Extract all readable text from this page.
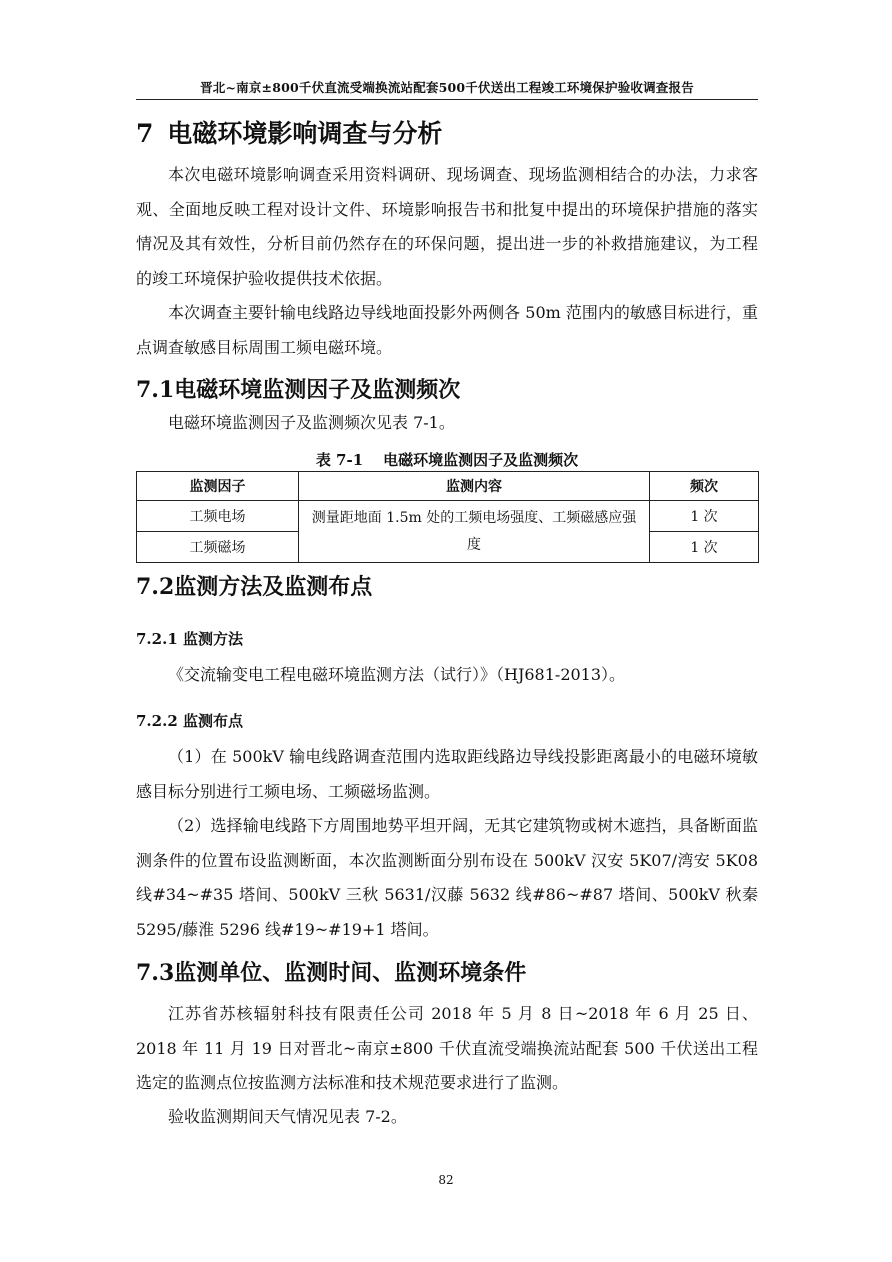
晋北~南京±800千伏直流受端换流站配套500千伏送出工程竣工环境保护验收调查报告
7 电磁环境影响调查与分析
本次电磁环境影响调查采用资料调研、现场调查、现场监测相结合的办法，力求客观、全面地反映工程对设计文件、环境影响报告书和批复中提出的环境保护措施的落实情况及其有效性，分析目前仍然存在的环保问题，提出进一步的补救措施建议，为工程的竣工环境保护验收提供技术依据。
本次调查主要针输电线路边导线地面投影外两侧各 50m 范围内的敏感目标进行，重点调查敏感目标周围工频电磁环境。
7.1电磁环境监测因子及监测频次
电磁环境监测因子及监测频次见表 7-1。
表 7-1 电磁环境监测因子及监测频次
监测因子	监测内容	频次
工频电场	测量距地面 1.5m 处的工频电场强度、工频磁感应强度	1 次
工频磁场		1 次
7.2监测方法及监测布点
7.2.1 监测方法
《交流输变电工程电磁环境监测方法（试行）》（HJ681-2013）。
7.2.2 监测布点
（1）在 500kV 输电线路调查范围内选取距线路边导线投影距离最小的电磁环境敏感目标分别进行工频电场、工频磁场监测。
（2）选择输电线路下方周围地势平坦开阔，无其它建筑物或树木遮挡，具备断面监测条件的位置布设监测断面，本次监测断面分别布设在 500kV 汉安 5K07/湾安 5K08 线#34~#35 塔间、500kV 三秋 5631/汉藤 5632 线#86~#87 塔间、500kV 秋秦 5295/藤淮 5296 线#19~#19+1 塔间。
7.3监测单位、监测时间、监测环境条件
江苏省苏核辐射科技有限责任公司 2018 年 5 月 8 日~2018 年 6 月 25 日、2018 年 11 月 19 日对晋北~南京±800 千伏直流受端换流站配套 500 千伏送出工程选定的监测点位按监测方法标准和技术规范要求进行了监测。
验收监测期间天气情况见表 7-2。
82
